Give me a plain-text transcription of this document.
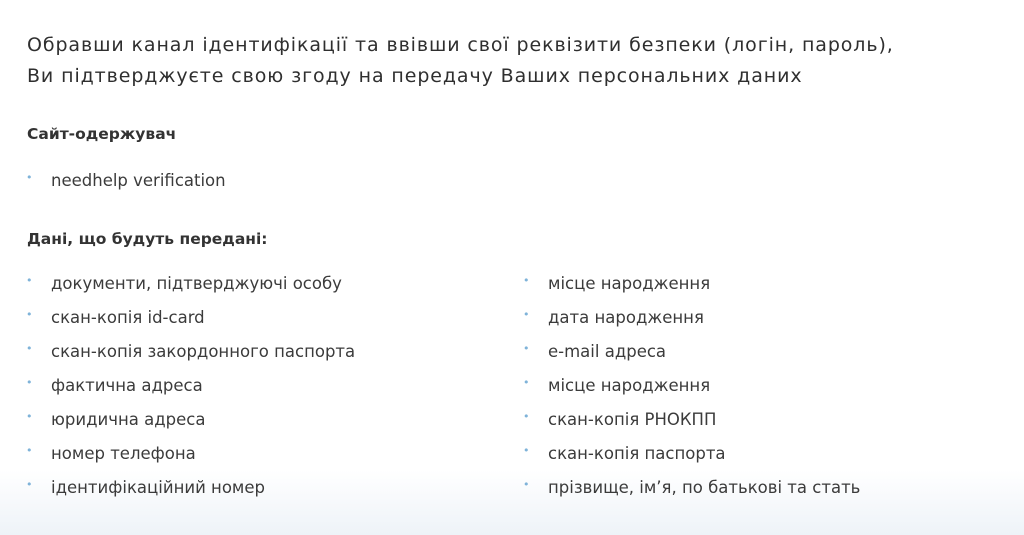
Обравши канал ідентифікації та ввівши свої реквізити безпеки (логін, пароль),
Ви підтверджуєте свою згоду на передачу Ваших персональних даних
Сайт-одержувач
• needhelp verification
Дані, що будуть передані:
• документи, підтверджуючі особу
• скан-копія id-card
• скан-копія закордонного паспорта
• фактична адреса
• юридична адреса
• номер телефона
• ідентифікаційний номер
• місце народження
• дата народження
• e-mail адреса
• місце народження
• скан-копія РНОКПП
• скан-копія паспорта
• прізвище, ім’я, по батькові та стать
